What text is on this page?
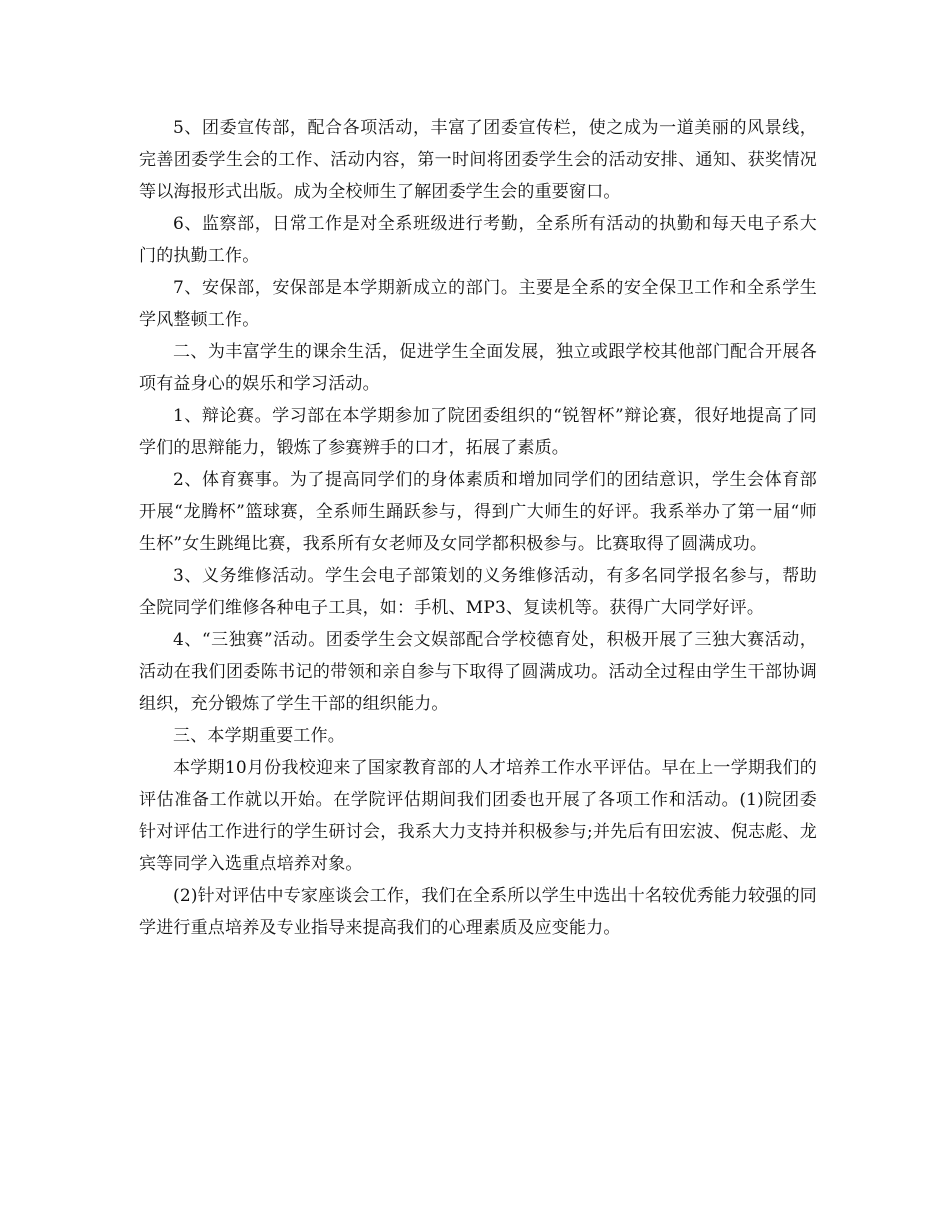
5、团委宣传部，配合各项活动，丰富了团委宣传栏，使之成为一道美丽的风景线，完善团委学生会的工作、活动内容，第一时间将团委学生会的活动安排、通知、获奖情况等以海报形式出版。成为全校师生了解团委学生会的重要窗口。

6、监察部，日常工作是对全系班级进行考勤，全系所有活动的执勤和每天电子系大门的执勤工作。

7、安保部，安保部是本学期新成立的部门。主要是全系的安全保卫工作和全系学生学风整顿工作。

二、为丰富学生的课余生活，促进学生全面发展，独立或跟学校其他部门配合开展各项有益身心的娱乐和学习活动。

1、辩论赛。学习部在本学期参加了院团委组织的“锐智杯”辩论赛，很好地提高了同学们的思辩能力，锻炼了参赛辨手的口才，拓展了素质。

2、体育赛事。为了提高同学们的身体素质和增加同学们的团结意识，学生会体育部开展“龙腾杯”篮球赛，全系师生踊跃参与，得到广大师生的好评。我系举办了第一届“师生杯”女生跳绳比赛，我系所有女老师及女同学都积极参与。比赛取得了圆满成功。

3、义务维修活动。学生会电子部策划的义务维修活动，有多名同学报名参与，帮助全院同学们维修各种电子工具，如：手机、MP3、复读机等。获得广大同学好评。

4、“三独赛”活动。团委学生会文娱部配合学校德育处，积极开展了三独大赛活动，活动在我们团委陈书记的带领和亲自参与下取得了圆满成功。活动全过程由学生干部协调组织，充分锻炼了学生干部的组织能力。

三、本学期重要工作。

本学期10月份我校迎来了国家教育部的人才培养工作水平评估。早在上一学期我们的评估准备工作就以开始。在学院评估期间我们团委也开展了各项工作和活动。(1)院团委针对评估工作进行的学生研讨会，我系大力支持并积极参与;并先后有田宏波、倪志彪、龙宾等同学入选重点培养对象。

(2)针对评估中专家座谈会工作，我们在全系所以学生中选出十名较优秀能力较强的同学进行重点培养及专业指导来提高我们的心理素质及应变能力。
